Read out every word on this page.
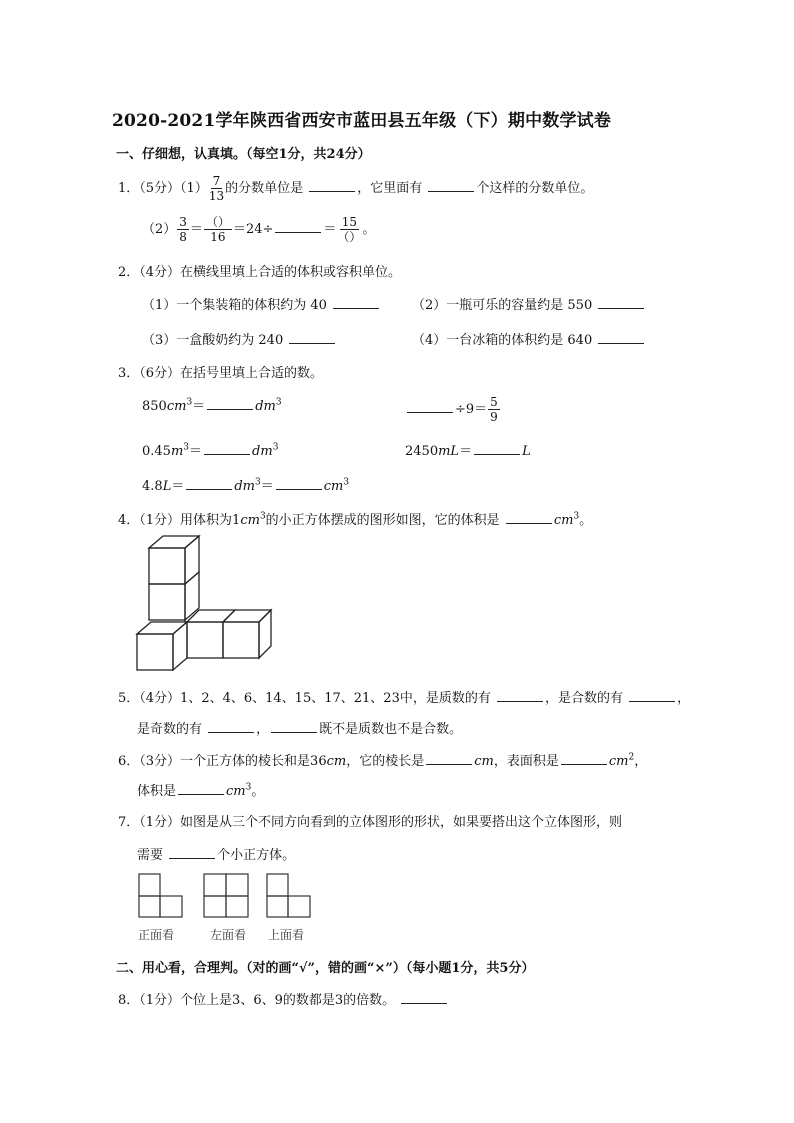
2020-2021学年陕西省西安市蓝田县五年级（下）期中数学试卷
一、仔细想，认真填。（每空1分，共24分）
1．（5分）$(1) \frac{7}{13}$ 的分数单位是	，它里面有	个这样的分数单位。
$(2) \frac{3}{8} = \frac{()}{16} =24\div$	＝ $\frac{15}{()}$ 。
2．（4分）在横线里填上合适的体积或容积单位。
（1）一个集装箱的体积约为 40	（2）一瓶可乐的容量约是 550
（3）一盒酸奶约为 240	（4）一台冰箱的体积约是 640
3．（6分）在括号里填上合适的数。
$850cm^3=$	$dm^3$	$\div 9= \frac{5}{9}$
$0.45m^3=$	$dm^3$	2450mL＝	L
4.8L＝	$dm^3=$	$cm^3$
4．（1分）用体积为$1cm^3$的小正方体摆成的图形如图，它的体积是	$cm^3$。
5．（4分）1、2、4、6、14、15、17、21、23中，是质数的有	，是合数的有	，
是奇数的有	，	既不是质数也不是合数。
6．（3分）一个正方体的棱长和是36cm，它的棱长是	cm，表面积是	$cm^2$，
体积是	$cm^3$。
7．（1分）如图是从三个不同方向看到的立体图形的形状，如果要搭出这个立体图形，则
需要	个小正方体。
正面看	左面看 上面看
二、用心看，合理判。（对的画“√”，错的画“×”）（每小题1分，共5分）
8．（1分）个位上是3、6、9的数都是3的倍数。
